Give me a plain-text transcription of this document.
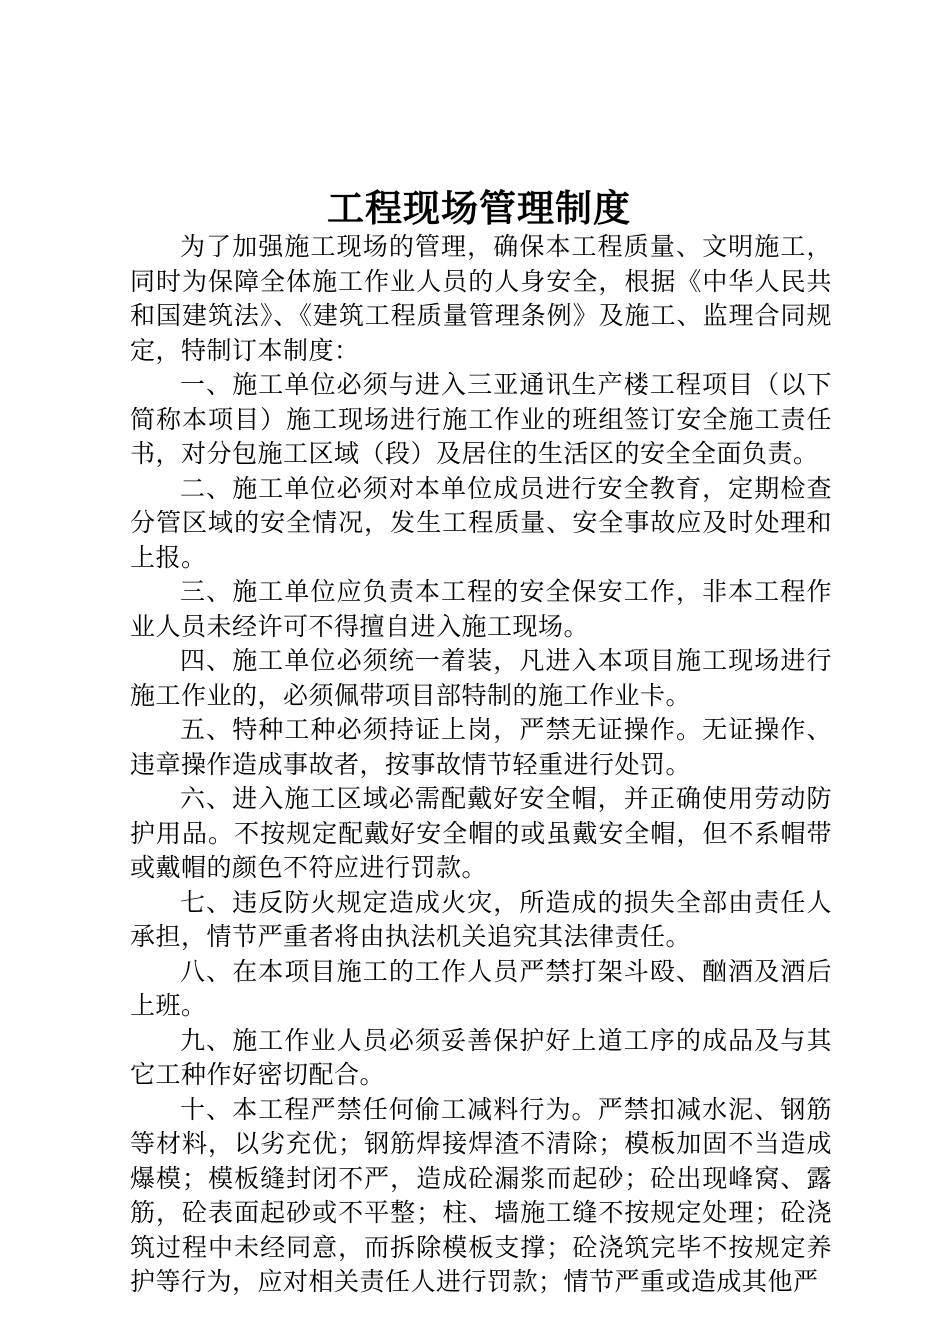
工程现场管理制度

为了加强施工现场的管理，确保本工程质量、文明施工，同时为保障全体施工作业人员的人身安全，根据《中华人民共和国建筑法》、《建筑工程质量管理条例》及施工、监理合同规定，特制订本制度：

一、施工单位必须与进入三亚通讯生产楼工程项目（以下简称本项目）施工现场进行施工作业的班组签订安全施工责任书，对分包施工区域（段）及居住的生活区的安全全面负责。

二、施工单位必须对本单位成员进行安全教育，定期检查分管区域的安全情况，发生工程质量、安全事故应及时处理和上报。

三、施工单位应负责本工程的安全保安工作，非本工程作业人员未经许可不得擅自进入施工现场。

四、施工单位必须统一着装，凡进入本项目施工现场进行施工作业的，必须佩带项目部特制的施工作业卡。

五、特种工种必须持证上岗，严禁无证操作。无证操作、违章操作造成事故者，按事故情节轻重进行处罚。

六、进入施工区域必需配戴好安全帽，并正确使用劳动防护用品。不按规定配戴好安全帽的或虽戴安全帽，但不系帽带或戴帽的颜色不符应进行罚款。

七、违反防火规定造成火灾，所造成的损失全部由责任人承担，情节严重者将由执法机关追究其法律责任。

八、在本项目施工的工作人员严禁打架斗殴、酗酒及酒后上班。

九、施工作业人员必须妥善保护好上道工序的成品及与其它工种作好密切配合。

十、本工程严禁任何偷工减料行为。严禁扣减水泥、钢筋等材料，以劣充优；钢筋焊接焊渣不清除；模板加固不当造成爆模；模板缝封闭不严，造成砼漏浆而起砂；砼出现峰窝、露筋，砼表面起砂或不平整；柱、墙施工缝不按规定处理；砼浇筑过程中未经同意，而拆除模板支撑；砼浇筑完毕不按规定养护等行为，应对相关责任人进行罚款；情节严重或造成其他严
